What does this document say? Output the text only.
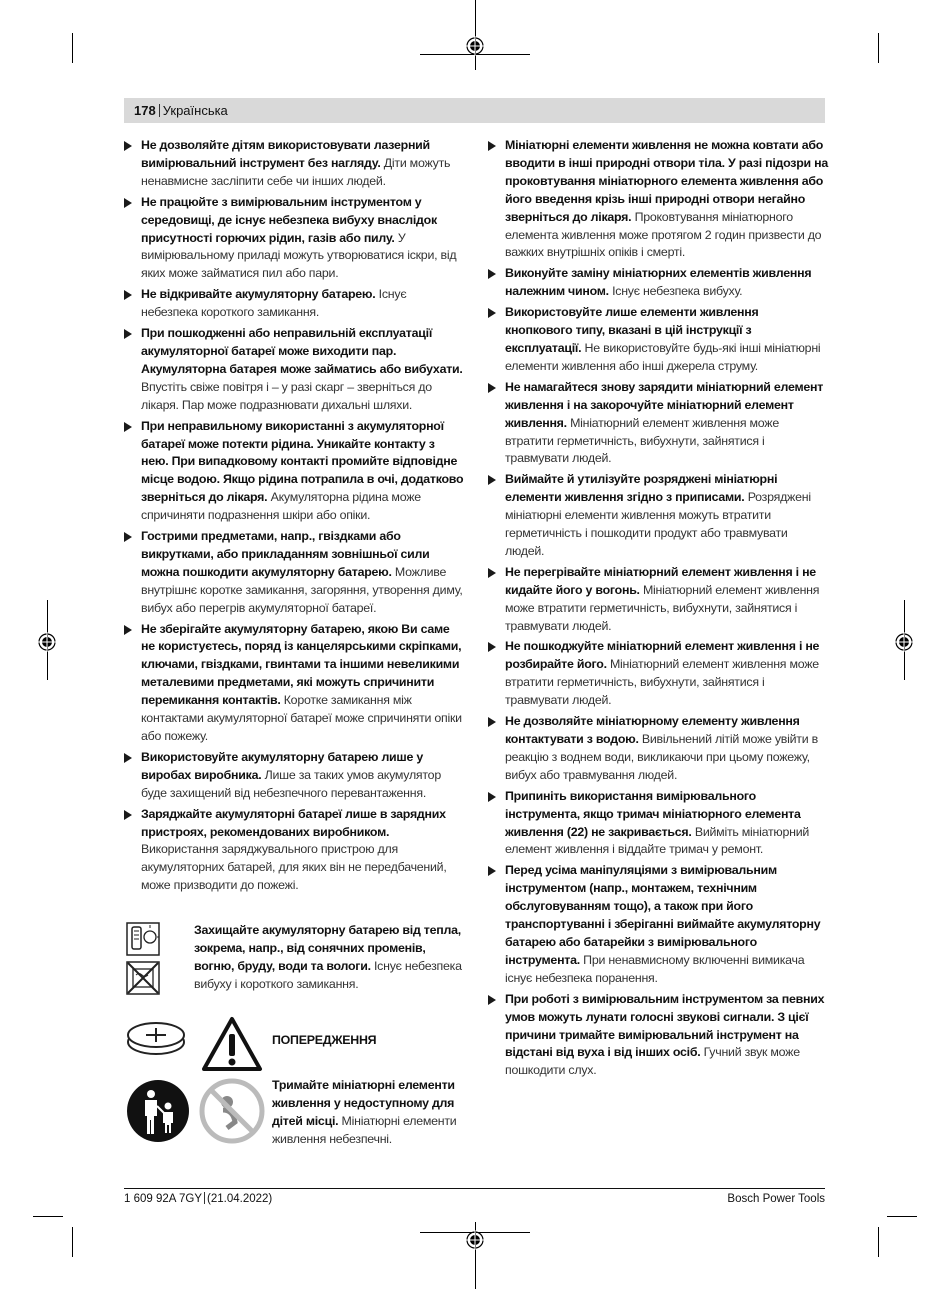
178 Українська
Не дозволяйте дітям використовувати лазерний вимірювальний інструмент без нагляду. Діти можуть ненавмисне засліпити себе чи інших людей.
Не працюйте з вимірювальним інструментом у середовищі, де існує небезпека вибуху внаслідок присутності горючих рідин, газів або пилу. У вимірювальному приладі можуть утворюватися іскри, від яких може займатися пил або пари.
Не відкривайте акумуляторну батарею. Існує небезпека короткого замикання.
При пошкодженні або неправильній експлуатації акумуляторної батареї може виходити пар. Акумуляторна батарея може займатись або вибухати. Впустіть свіже повітря і – у разі скарг – зверніться до лікаря. Пар може подразнювати дихальні шляхи.
При неправильному використанні з акумуляторної батареї може потекти рідина. Уникайте контакту з нею. При випадковому контакті промийте відповідне місце водою. Якщо рідина потрапила в очі, додатково зверніться до лікаря. Акумуляторна рідина може спричиняти подразнення шкіри або опіки.
Гострими предметами, напр., гвіздками або викрутками, або прикладанням зовнішньої сили можна пошкодити акумуляторну батарею. Можливе внутрішнє коротке замикання, загоряння, утворення диму, вибух або перегрів акумуляторної батареї.
Не зберігайте акумуляторну батарею, якою Ви саме не користуєтесь, поряд із канцелярськими скріпками, ключами, гвіздками, гвинтами та іншими невеликими металевими предметами, які можуть спричинити перемикання контактів. Коротке замикання між контактами акумуляторної батареї може спричиняти опіки або пожежу.
Використовуйте акумуляторну батарею лише у виробах виробника. Лише за таких умов акумулятор буде захищений від небезпечного перевантаження.
Заряджайте акумуляторні батареї лише в зарядних пристроях, рекомендованих виробником. Використання заряджувального пристрою для акумуляторних батарей, для яких він не передбачений, може призводити до пожежі.
Захищайте акумуляторну батарею від тепла, зокрема, напр., від сонячних променів, вогню, бруду, води та вологи. Існує небезпека вибуху і короткого замикання.
ПОПЕРЕДЖЕННЯ
Тримайте мініатюрні елементи живлення у недоступному для дітей місці. Мініатюрні елементи живлення небезпечні.
Мініатюрні елементи живлення не можна ковтати або вводити в інші природні отвори тіла. У разі підозри на проковтування мініатюрного елемента живлення або його введення крізь інші природні отвори негайно зверніться до лікаря. Проковтування мініатюрного елемента живлення може протягом 2 годин призвести до важких внутрішніх опіків і смерті.
Виконуйте заміну мініатюрних елементів живлення належним чином. Існує небезпека вибуху.
Використовуйте лише елементи живлення кнопкового типу, вказані в цій інструкції з експлуатації. Не використовуйте будь-які інші мініатюрні елементи живлення або інші джерела струму.
Не намагайтеся знову зарядити мініатюрний елемент живлення і на закорочуйте мініатюрний елемент живлення. Мініатюрний елемент живлення може втратити герметичність, вибухнути, зайнятися і травмувати людей.
Виймайте й утилізуйте розряджені мініатюрні елементи живлення згідно з приписами. Розряджені мініатюрні елементи живлення можуть втратити герметичність і пошкодити продукт або травмувати людей.
Не перегрівайте мініатюрний елемент живлення і не кидайте його у вогонь. Мініатюрний елемент живлення може втратити герметичність, вибухнути, зайнятися і травмувати людей.
Не пошкоджуйте мініатюрний елемент живлення і не розбирайте його. Мініатюрний елемент живлення може втратити герметичність, вибухнути, зайнятися і травмувати людей.
Не дозволяйте мініатюрному елементу живлення контактувати з водою. Вивільнений літій може увійти в реакцію з воднем води, викликаючи при цьому пожежу, вибух або травмування людей.
Припиніть використання вимірювального інструмента, якщо тримач мініатюрного елемента живлення (22) не закривається. Вийміть мініатюрний елемент живлення і віддайте тримач у ремонт.
Перед усіма маніпуляціями з вимірювальним інструментом (напр., монтажем, технічним обслуговуванням тощо), а також при його транспортуванні і зберіганні виймайте акумуляторну батарею або батарейки з вимірювального інструмента. При ненавмисному включенні вимикача існує небезпека поранення.
При роботі з вимірювальним інструментом за певних умов можуть лунати голосні звукові сигнали. З цієї причини тримайте вимірювальний інструмент на відстані від вуха і від інших осіб. Гучний звук може пошкодити слух.
1 609 92A 7GY (21.04.2022)	Bosch Power Tools
